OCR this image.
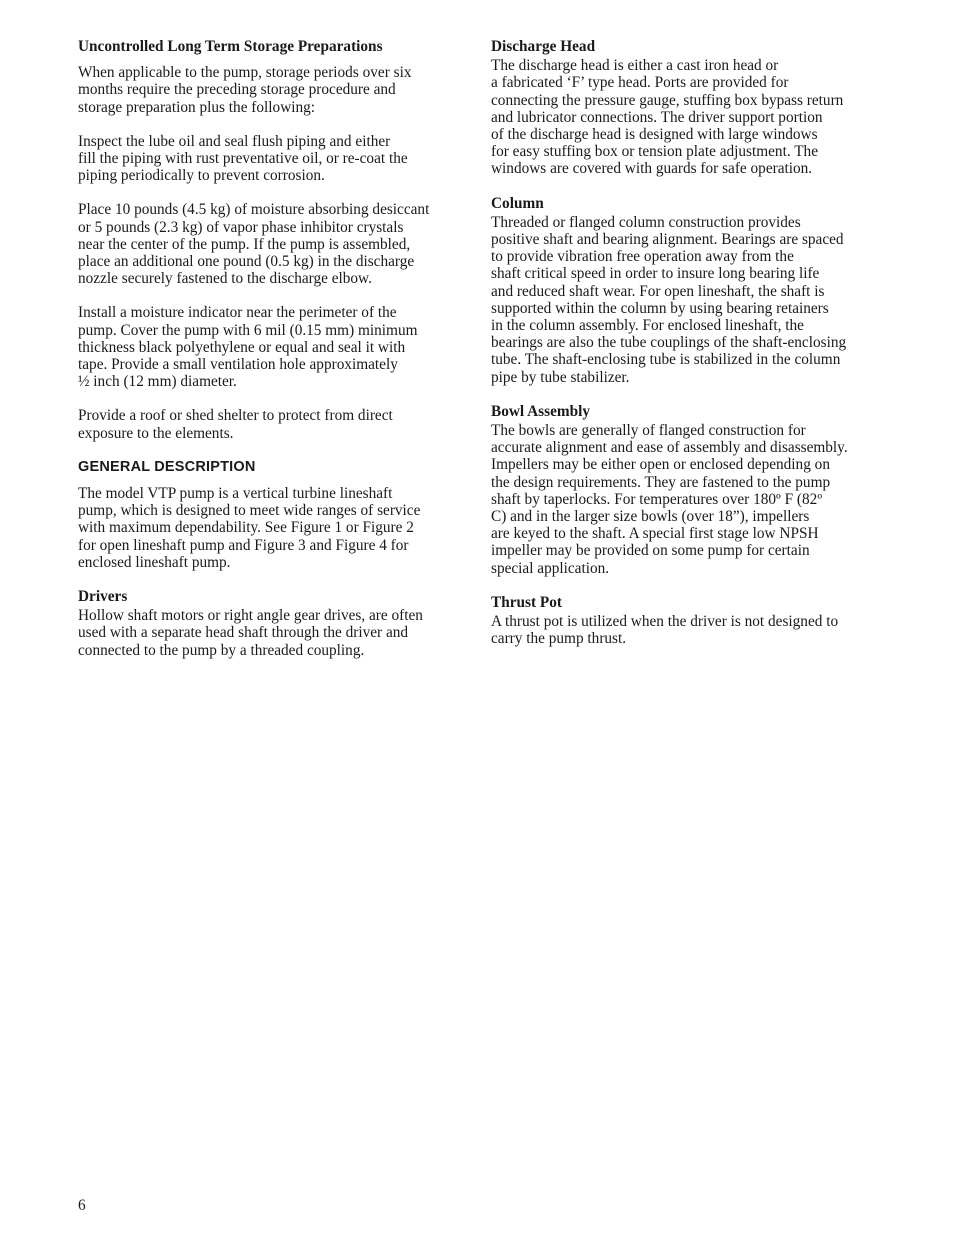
Uncontrolled Long Term Storage Preparations

When applicable to the pump, storage periods over six
months require the preceding storage procedure and
storage preparation plus the following:

Inspect the lube oil and seal flush piping and either
fill the piping with rust preventative oil, or re-coat the
piping periodically to prevent corrosion.

Place 10 pounds (4.5 kg) of moisture absorbing desiccant
or 5 pounds (2.3 kg) of vapor phase inhibitor crystals
near the center of the pump. If the pump is assembled,
place an additional one pound (0.5 kg) in the discharge
nozzle securely fastened to the discharge elbow.

Install a moisture indicator near the perimeter of the
pump. Cover the pump with 6 mil (0.15 mm) minimum
thickness black polyethylene or equal and seal it with
tape. Provide a small ventilation hole approximately
½ inch (12 mm) diameter.

Provide a roof or shed shelter to protect from direct
exposure to the elements.

GENERAL DESCRIPTION

The model VTP pump is a vertical turbine lineshaft
pump, which is designed to meet wide ranges of service
with maximum dependability. See Figure 1 or Figure 2
for open lineshaft pump and Figure 3 and Figure 4 for
enclosed lineshaft pump.

Drivers

Hollow shaft motors or right angle gear drives, are often
used with a separate head shaft through the driver and
connected to the pump by a threaded coupling.

Discharge Head

The discharge head is either a cast iron head or
a fabricated ‘F’ type head. Ports are provided for
connecting the pressure gauge, stuffing box bypass return
and lubricator connections. The driver support portion
of the discharge head is designed with large windows
for easy stuffing box or tension plate adjustment. The
windows are covered with guards for safe operation.

Column

Threaded or flanged column construction provides
positive shaft and bearing alignment. Bearings are spaced
to provide vibration free operation away from the
shaft critical speed in order to insure long bearing life
and reduced shaft wear. For open lineshaft, the shaft is
supported within the column by using bearing retainers
in the column assembly. For enclosed lineshaft, the
bearings are also the tube couplings of the shaft-enclosing
tube. The shaft-enclosing tube is stabilized in the column
pipe by tube stabilizer.

Bowl Assembly

The bowls are generally of flanged construction for
accurate alignment and ease of assembly and disassembly.
Impellers may be either open or enclosed depending on
the design requirements. They are fastened to the pump
shaft by taperlocks. For temperatures over 180º F (82º
C) and in the larger size bowls (over 18”), impellers
are keyed to the shaft. A special first stage low NPSH
impeller may be provided on some pump for certain
special application.

Thrust Pot

A thrust pot is utilized when the driver is not designed to
carry the pump thrust.

6
